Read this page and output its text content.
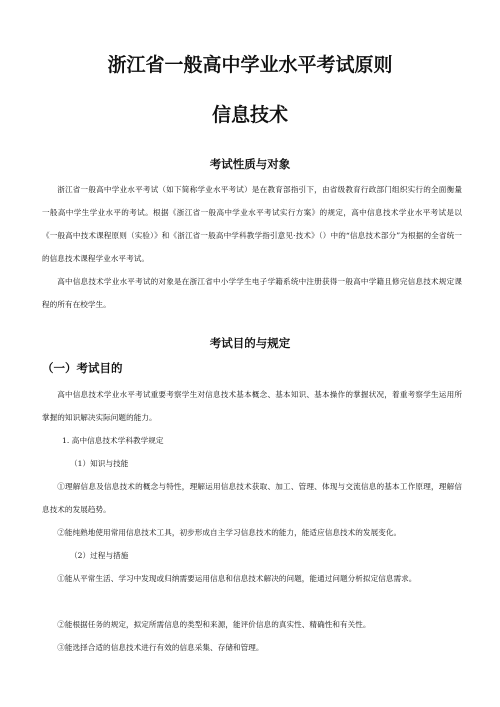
浙江省一般高中学业水平考试原则
信息技术
考试性质与对象
浙江省一般高中学业水平考试（如下简称学业水平考试）是在教育部指引下，由省级教育行政部门组织实行的全面衡量一般高中学生学业水平的考试。根据《浙江省一般高中学业水平考试实行方案》的规定，高中信息技术学业水平考试是以《一般高中技术课程原则（实验）》和《浙江省一般高中学科教学指引意见·技术》（）中的“信息技术部分”为根据的全省统一的信息技术课程学业水平考试。
高中信息技术学业水平考试的对象是在浙江省中小学学生电子学籍系统中注册获得一般高中学籍且修完信息技术规定课程的所有在校学生。
考试目的与规定
（一）考试目的
高中信息技术学业水平考试重要考察学生对信息技术基本概念、基本知识、基本操作的掌握状况，着重考察学生运用所掌握的知识解决实际问题的能力。
1. 高中信息技术学科教学规定
（1）知识与技能
①理解信息及信息技术的概念与特性，理解运用信息技术获取、加工、管理、体现与交流信息的基本工作原理，理解信息技术的发展趋势。
②能纯熟地使用常用信息技术工具，初步形成自主学习信息技术的能力，能适应信息技术的发展变化。
（2）过程与措施
①能从平常生活、学习中发现或归纳需要运用信息和信息技术解决的问题，能通过问题分析拟定信息需求。
②能根据任务的规定，拟定所需信息的类型和来源，能评价信息的真实性、精确性和有关性。
③能选择合适的信息技术进行有效的信息采集、存储和管理。
